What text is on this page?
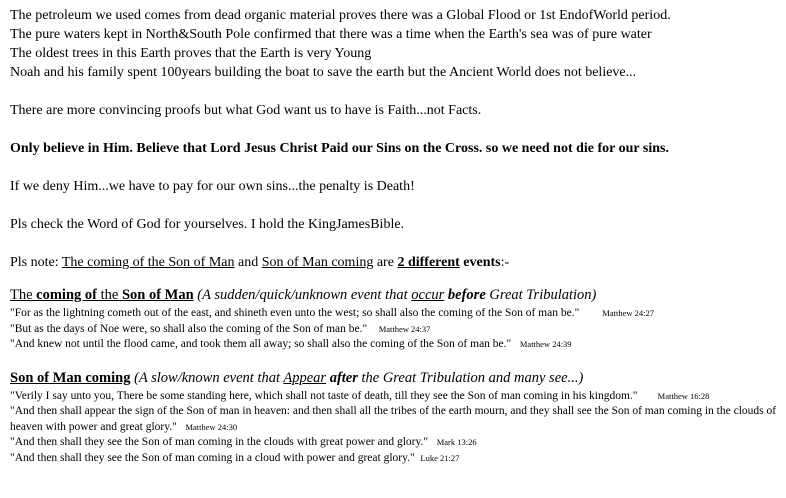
The petroleum we used comes from dead organic material proves there was a Global Flood or 1st EndofWorld period.
The pure waters kept in North&South Pole confirmed that there was a time when the Earth's sea was of pure water
The oldest trees in this Earth proves that the Earth is very Young
Noah and his family spent 100years building the boat to save the earth but the Ancient World does not believe...
There are more convincing proofs but what God want us to have is Faith...not Facts.
Only believe in Him. Believe that Lord Jesus Christ Paid our Sins on the Cross. so we need not die for our sins.
If we deny Him...we have to pay for our own sins...the penalty is Death!
Pls check the Word of God for yourselves. I hold the KingJamesBible.
Pls note: The coming of the Son of Man and Son of Man coming are 2 different events:-
The coming of the Son of Man (A sudden/quick/unknown event that occur before Great Tribulation)
"For as the lightning cometh out of the east, and shineth even unto the west; so shall also the coming of the Son of man be."	Matthew 24:27
"But as the days of Noe were, so shall also the coming of the Son of man be." Matthew 24:37
"And knew not until the flood came, and took them all away; so shall also the coming of the Son of man be." Matthew 24:39
Son of Man coming (A slow/known event that Appear after the Great Tribulation and many see...)
"Verily I say unto you, There be some standing here, which shall not taste of death, till they see the Son of man coming in his kingdom." Matthew 16:28
"And then shall appear the sign of the Son of man in heaven: and then shall all the tribes of the earth mourn, and they shall see the Son of man coming in the clouds of heaven with power and great glory." Matthew 24:30
"And then shall they see the Son of man coming in the clouds with great power and glory." Mark 13:26
"And then shall they see the Son of man coming in a cloud with power and great glory." Luke 21:27
